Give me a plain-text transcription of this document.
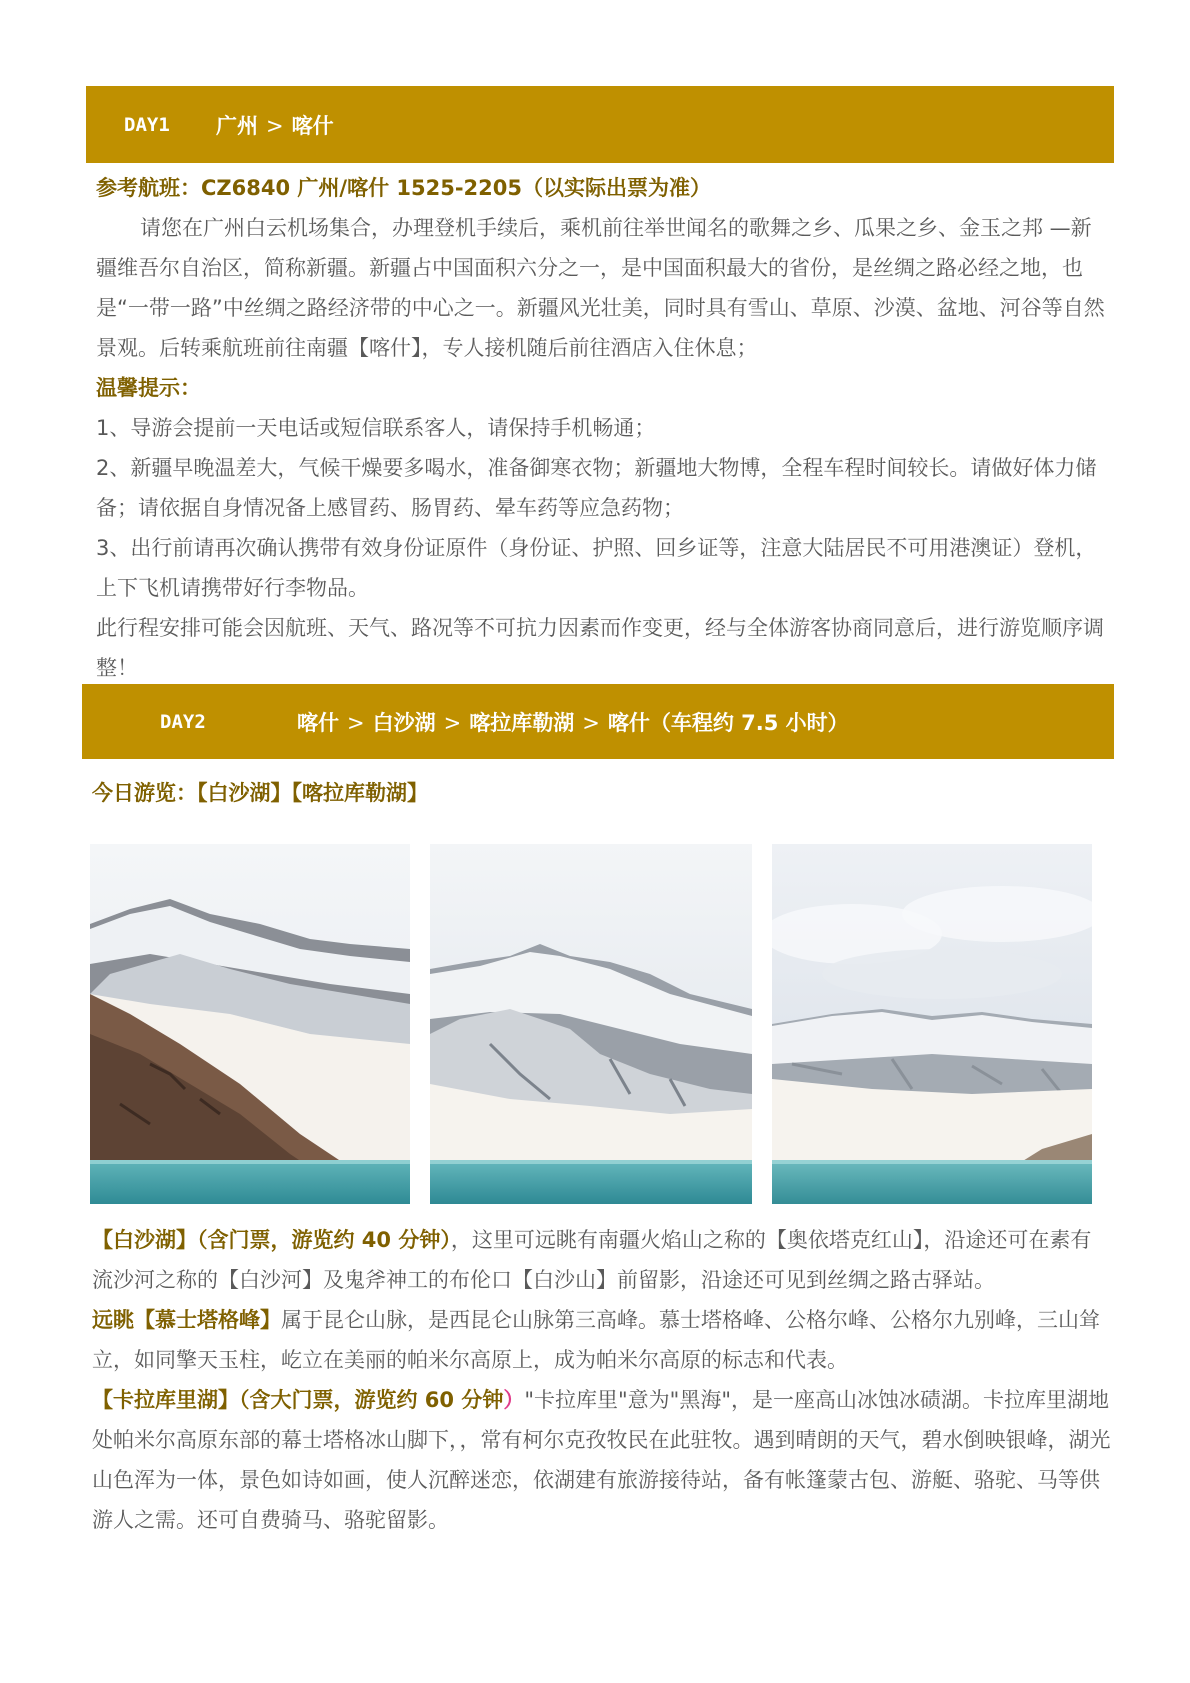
DAY1 广州 > 喀什
参考航班：CZ6840 广州/喀什 1525-2205（以实际出票为准）
请您在广州白云机场集合，办理登机手续后，乘机前往举世闻名的歌舞之乡、瓜果之乡、金玉之邦 —新疆维吾尔自治区，简称新疆。新疆占中国面积六分之一，是中国面积最大的省份，是丝绸之路必经之地，也是“一带一路”中丝绸之路经济带的中心之一。新疆风光壮美，同时具有雪山、草原、沙漠、盆地、河谷等自然景观。后转乘航班前往南疆【喀什】，专人接机随后前往酒店入住休息；
温馨提示：

1、导游会提前一天电话或短信联系客人，请保持手机畅通；

2、新疆早晚温差大，气候干燥要多喝水，准备御寒衣物；新疆地大物博，全程车程时间较长。请做好体力储备；请依据自身情况备上感冒药、肠胃药、晕车药等应急药物；

3、出行前请再次确认携带有效身份证原件（身份证、护照、回乡证等，注意大陆居民不可用港澳证）登机，上下飞机请携带好行李物品。

此行程安排可能会因航班、天气、路况等不可抗力因素而作变更，经与全体游客协商同意后，进行游览顺序调整！

DAY2	喀什 > 白沙湖 > 喀拉库勒湖 > 喀什（车程约 7.5 小时）
今日游览：【白沙湖】【喀拉库勒湖】

【白沙湖】（含门票，游览约 40 分钟），这里可远眺有南疆火焰山之称的【奥依塔克红山】，沿途还可在素有流沙河之称的【白沙河】及鬼斧神工的布伦口【白沙山】前留影，沿途还可见到丝绸之路古驿站。

远眺【慕士塔格峰】属于昆仑山脉，是西昆仑山脉第三高峰。慕士塔格峰、公格尔峰、公格尔九别峰，三山耸立，如同擎天玉柱，屹立在美丽的帕米尔高原上，成为帕米尔高原的标志和代表。

【卡拉库里湖】（含大门票，游览约 60 分钟）"卡拉库里"意为"黑海"，是一座高山冰蚀冰碛湖。卡拉库里湖地处帕米尔高原东部的幕士塔格冰山脚下，，常有柯尔克孜牧民在此驻牧。遇到晴朗的天气，碧水倒映银峰，湖光山色浑为一体，景色如诗如画，使人沉醉迷恋，依湖建有旅游接待站，备有帐篷蒙古包、游艇、骆驼、马等供游人之需。还可自费骑马、骆驼留影。
